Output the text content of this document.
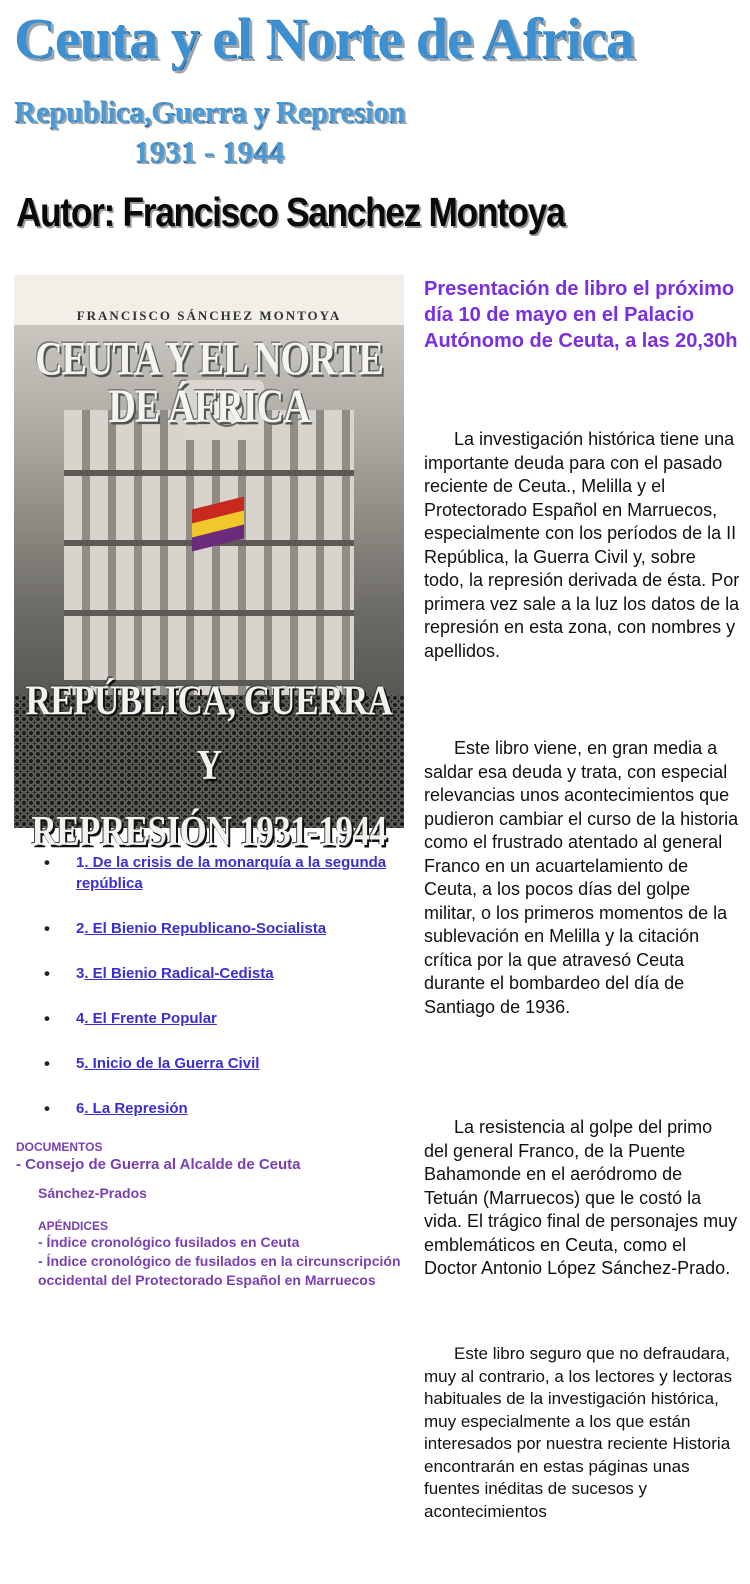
Ceuta y el Norte de Africa
Republica,Guerra y Represion
1931 - 1944
Autor: Francisco Sanchez Montoya
FRANCISCO SÁNCHEZ MONTOYA
CEUTA Y EL NORTE DE ÁFRICA
REPÚBLICA, GUERRA Y
REPRESIÓN 1931-1944
• 1. De la crisis de la monarquía a la segunda república
• 2. El Bienio Republicano-Socialista
• 3. El Bienio Radical-Cedista
• 4. El Frente Popular
• 5. Inicio de la Guerra Civil
• 6. La Represión
DOCUMENTOS
- Consejo de Guerra al Alcalde de Ceuta
Sánchez-Prados
APÉNDICES
- Índice cronológico fusilados en Ceuta
- Índice cronológico de fusilados en la circunscripción occidental del Protectorado Español en Marruecos
Presentación de libro el próximo día 10 de mayo en el Palacio Autónomo de Ceuta, a las 20,30h

La investigación histórica tiene una importante deuda para con el pasado reciente de Ceuta., Melilla y el Protectorado Español en Marruecos, especialmente con los períodos de la II República, la Guerra Civil y, sobre todo, la represión derivada de ésta. Por primera vez sale a la luz los datos de la represión en esta zona, con nombres y apellidos.

Este libro viene, en gran media a saldar esa deuda y trata, con especial relevancias unos acontecimientos que pudieron cambiar el curso de la historia como el frustrado atentado al general Franco en un acuartelamiento de Ceuta, a los pocos días del golpe militar, o los primeros momentos de la sublevación en Melilla y la citación crítica por la que atravesó Ceuta durante el bombardeo del día de Santiago de 1936.

La resistencia al golpe del primo del general Franco, de la Puente Bahamonde en el aeródromo de Tetuán (Marruecos) que le costó la vida. El trágico final de personajes muy emblemáticos en Ceuta, como el Doctor Antonio López Sánchez-Prado.

Este libro seguro que no defraudara, muy al contrario, a los lectores y lectoras habituales de la investigación histórica, muy especialmente a los que están interesados por nuestra reciente Historia encontrarán en estas páginas unas fuentes inéditas de sucesos y acontecimientos
